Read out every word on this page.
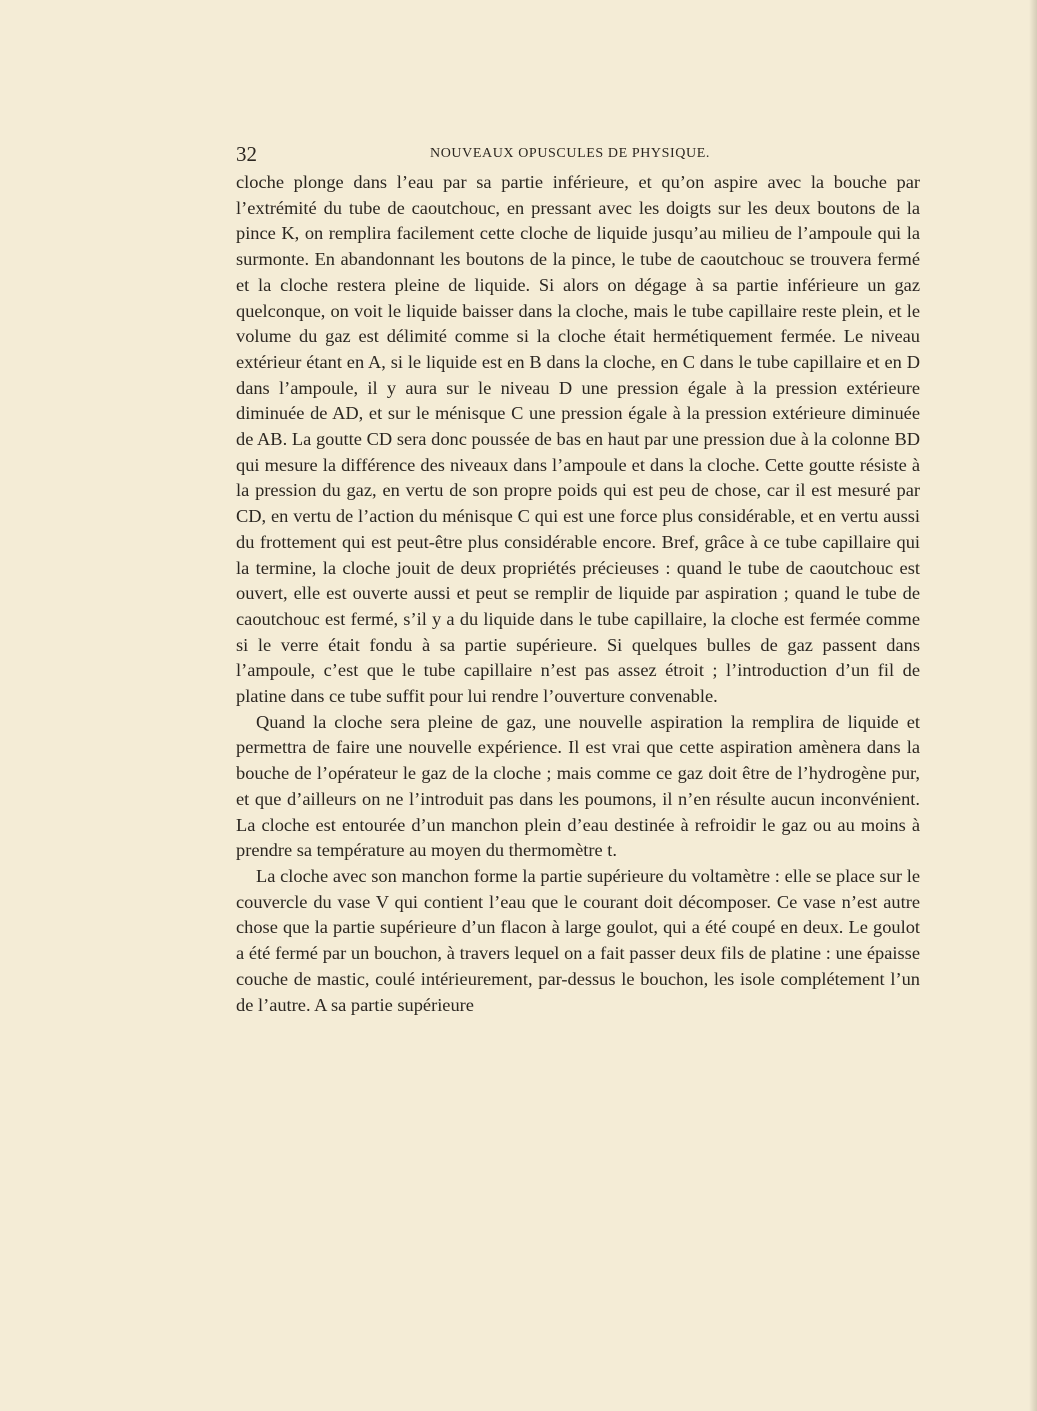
32	NOUVEAUX OPUSCULES DE PHYSIQUE.

cloche plonge dans l’eau par sa partie inférieure, et qu’on aspire avec la bouche par l’extrémité du tube de caoutchouc, en pressant avec les doigts sur les deux boutons de la pince K, on remplira facilement cette cloche de liquide jusqu’au milieu de l’ampoule qui la surmonte. En abandonnant les boutons de la pince, le tube de caoutchouc se trouvera fermé et la cloche restera pleine de liquide. Si alors on dégage à sa partie inférieure un gaz quelconque, on voit le liquide baisser dans la cloche, mais le tube capillaire reste plein, et le volume du gaz est délimité comme si la cloche était hermétiquement fermée. Le niveau extérieur étant en A, si le liquide est en B dans la cloche, en C dans le tube capillaire et en D dans l’ampoule, il y aura sur le niveau D une pression égale à la pression extérieure diminuée de AD, et sur le ménisque C une pression égale à la pression extérieure diminuée de AB. La goutte CD sera donc poussée de bas en haut par une pression due à la colonne BD qui mesure la différence des niveaux dans l’ampoule et dans la cloche. Cette goutte résiste à la pression du gaz, en vertu de son propre poids qui est peu de chose, car il est mesuré par CD, en vertu de l’action du ménisque C qui est une force plus considérable, et en vertu aussi du frottement qui est peut-être plus considérable encore. Bref, grâce à ce tube capillaire qui la termine, la cloche jouit de deux propriétés précieuses : quand le tube de caoutchouc est ouvert, elle est ouverte aussi et peut se remplir de liquide par aspiration ; quand le tube de caoutchouc est fermé, s’il y a du liquide dans le tube capillaire, la cloche est fermée comme si le verre était fondu à sa partie supérieure. Si quelques bulles de gaz passent dans l’ampoule, c’est que le tube capillaire n’est pas assez étroit ; l’introduction d’un fil de platine dans ce tube suffit pour lui rendre l’ouverture convenable.

Quand la cloche sera pleine de gaz, une nouvelle aspiration la remplira de liquide et permettra de faire une nouvelle expérience. Il est vrai que cette aspiration amènera dans la bouche de l’opérateur le gaz de la cloche ; mais comme ce gaz doit être de l’hydrogène pur, et que d’ailleurs on ne l’introduit pas dans les poumons, il n’en résulte aucun inconvénient. La cloche est entourée d’un manchon plein d’eau destinée à refroidir le gaz ou au moins à prendre sa température au moyen du thermomètre t.

La cloche avec son manchon forme la partie supérieure du voltamètre : elle se place sur le couvercle du vase V qui contient l’eau que le courant doit décomposer. Ce vase n’est autre chose que la partie supérieure d’un flacon à large goulot, qui a été coupé en deux. Le goulot a été fermé par un bouchon, à travers lequel on a fait passer deux fils de platine : une épaisse couche de mastic, coulé intérieurement, par-dessus le bouchon, les isole complétement l’un de l’autre. A sa partie supérieure
